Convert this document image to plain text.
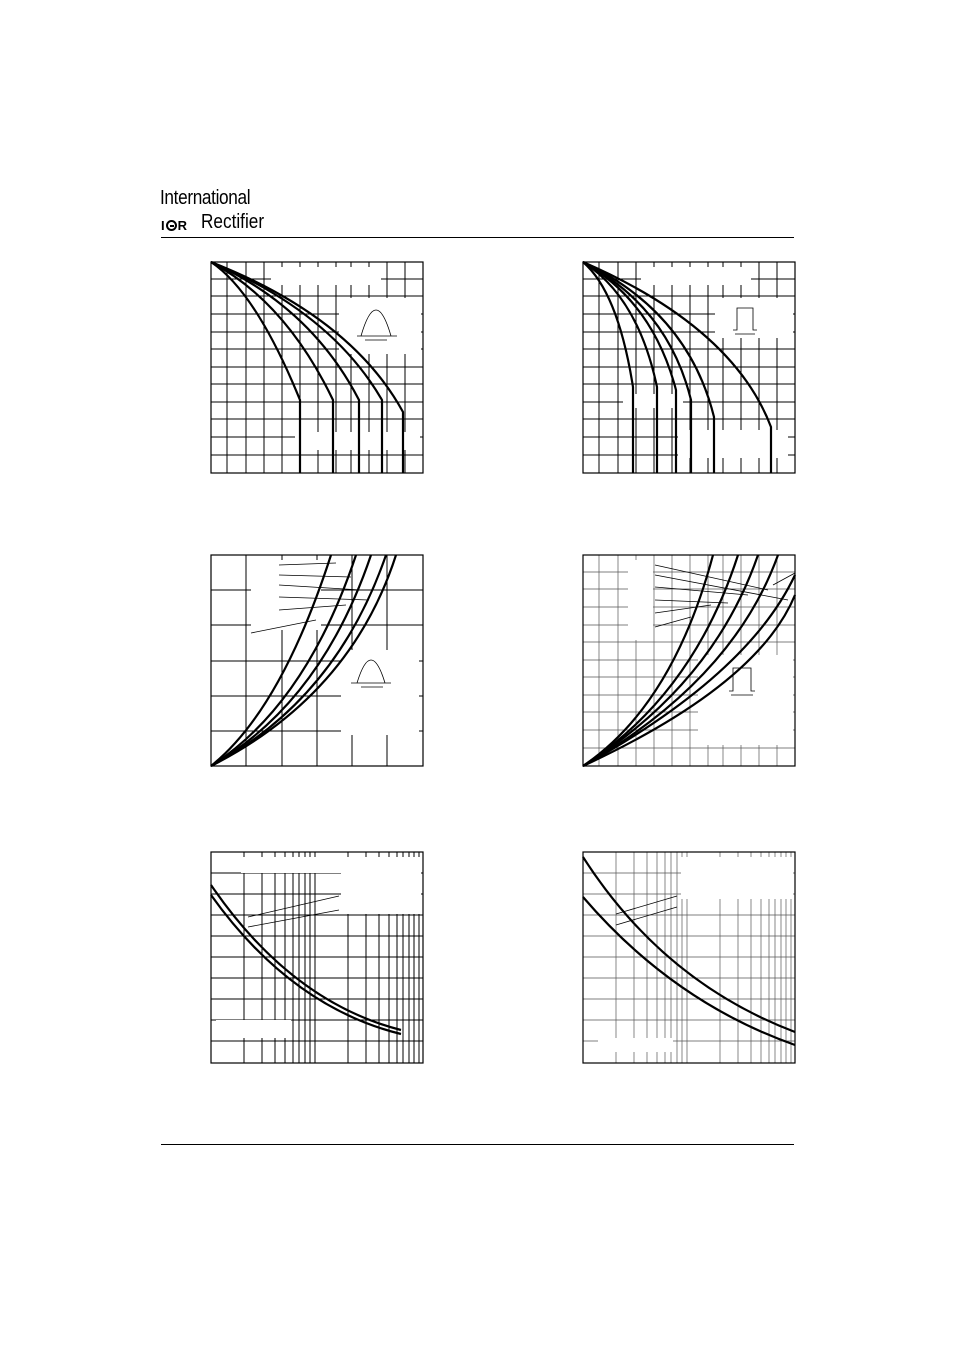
International
I R Rectifier
